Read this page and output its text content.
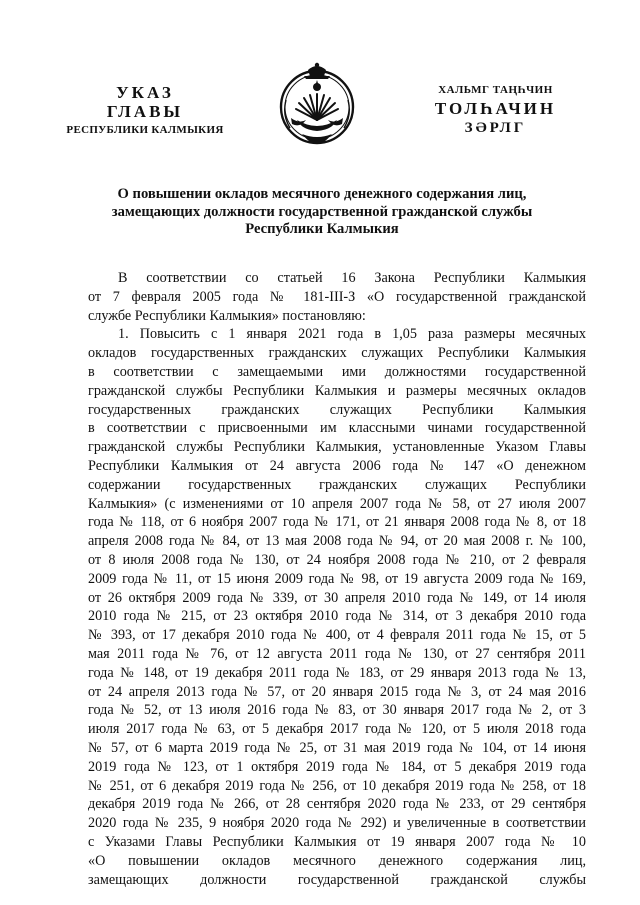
УКАЗ
ГЛАВЫ
РЕСПУБЛИКИ КАЛМЫКИЯ
ХАЛЬМГ ТАҢҺЧИН
ТОЛҺАЧИН
ЗӘРЛГ
О повышении окладов месячного денежного содержания лиц,
замещающих должности государственной гражданской службы
Республики Калмыкия
В соответствии со статьей 16 Закона Республики Калмыкия
от 7 февраля 2005 года № 181-III-З «О государственной гражданской
службе Республики Калмыкия» постановляю:
1. Повысить с 1 января 2021 года в 1,05 раза размеры месячных
окладов государственных гражданских служащих Республики Калмыкия
в соответствии с замещаемыми ими должностями государственной
гражданской службы Республики Калмыкия и размеры месячных окладов
государственных гражданских служащих Республики Калмыкия
в соответствии с присвоенными им классными чинами государственной
гражданской службы Республики Калмыкия, установленные Указом Главы
Республики Калмыкия от 24 августа 2006 года № 147 «О денежном
содержании государственных гражданских служащих Республики
Калмыкия» (с изменениями от 10 апреля 2007 года № 58, от 27 июля 2007
года № 118, от 6 ноября 2007 года № 171, от 21 января 2008 года № 8, от 18
апреля 2008 года № 84, от 13 мая 2008 года № 94, от 20 мая 2008 г. № 100,
от 8 июля 2008 года № 130, от 24 ноября 2008 года № 210, от 2 февраля
2009 года № 11, от 15 июня 2009 года № 98, от 19 августа 2009 года № 169,
от 26 октября 2009 года № 339, от 30 апреля 2010 года № 149, от 14 июля
2010 года № 215, от 23 октября 2010 года № 314, от 3 декабря 2010 года
№ 393, от 17 декабря 2010 года № 400, от 4 февраля 2011 года № 15, от 5
мая 2011 года № 76, от 12 августа 2011 года № 130, от 27 сентября 2011
года № 148, от 19 декабря 2011 года № 183, от 29 января 2013 года № 13,
от 24 апреля 2013 года № 57, от 20 января 2015 года № 3, от 24 мая 2016
года № 52, от 13 июля 2016 года № 83, от 30 января 2017 года № 2, от 3
июля 2017 года № 63, от 5 декабря 2017 года № 120, от 5 июля 2018 года
№ 57, от 6 марта 2019 года № 25, от 31 мая 2019 года № 104, от 14 июня
2019 года № 123, от 1 октября 2019 года № 184, от 5 декабря 2019 года
№ 251, от 6 декабря 2019 года № 256, от 10 декабря 2019 года № 258, от 18
декабря 2019 года № 266, от 28 сентября 2020 года № 233, от 29 сентября
2020 года № 235, 9 ноября 2020 года № 292) и увеличенные в соответствии
с Указами Главы Республики Калмыкия от 19 января 2007 года № 10
«О повышении окладов месячного денежного содержания лиц,
замещающих должности государственной гражданской службы
